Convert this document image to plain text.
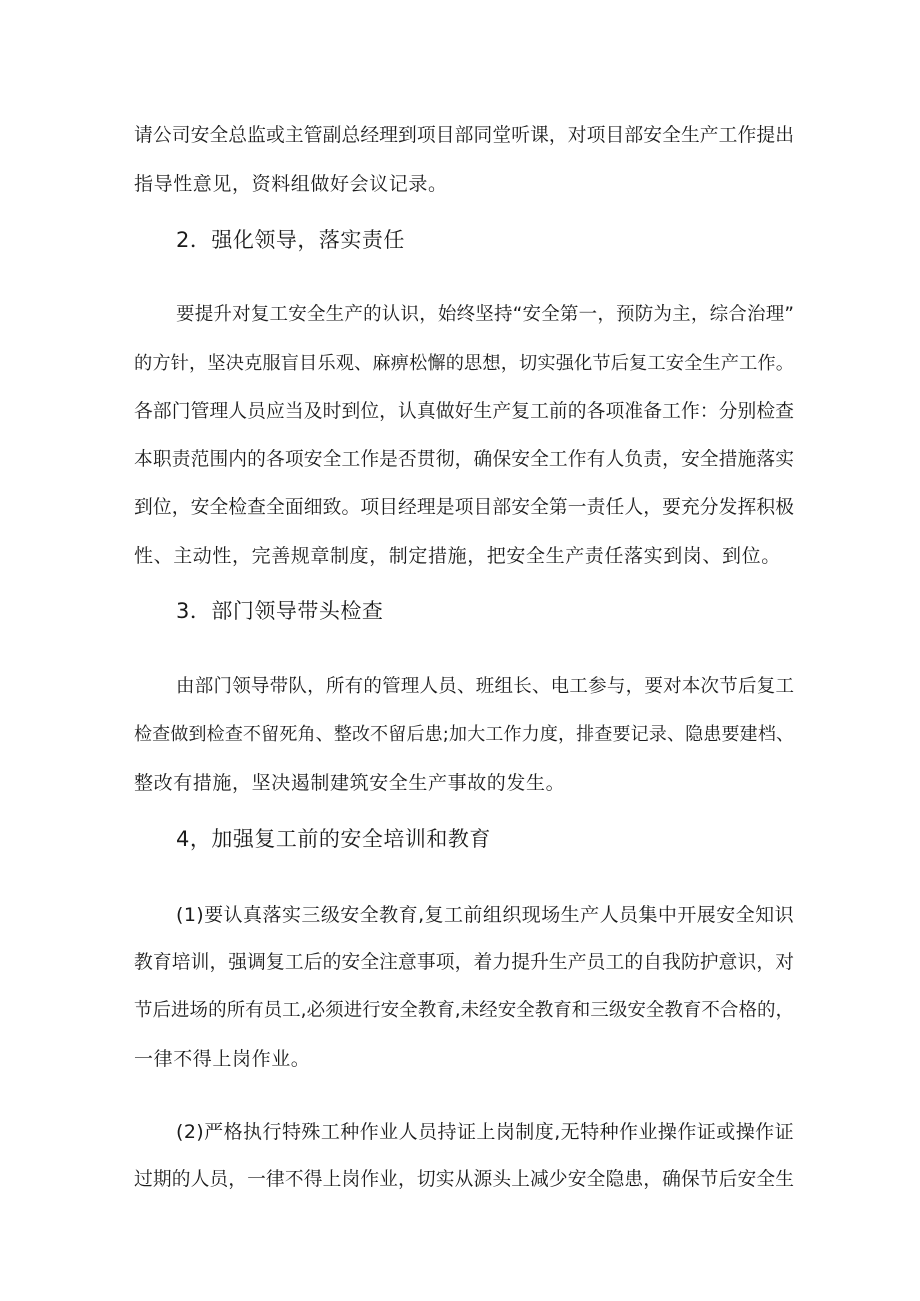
请公司安全总监或主管副总经理到项目部同堂听课，对项目部安全生产工作提出
指导性意见，资料组做好会议记录。
2．强化领导，落实责任
要提升对复工安全生产的认识，始终坚持“安全第一，预防为主，综合治理”
的方针，坚决克服盲目乐观、麻痹松懈的思想，切实强化节后复工安全生产工作。
各部门管理人员应当及时到位，认真做好生产复工前的各项准备工作：分别检查
本职责范围内的各项安全工作是否贯彻，确保安全工作有人负责，安全措施落实
到位，安全检查全面细致。项目经理是项目部安全第一责任人，要充分发挥积极
性、主动性，完善规章制度，制定措施，把安全生产责任落实到岗、到位。
3．部门领导带头检查
由部门领导带队，所有的管理人员、班组长、电工参与，要对本次节后复工
检查做到检查不留死角、整改不留后患;加大工作力度，排查要记录、隐患要建档、
整改有措施，坚决遏制建筑安全生产事故的发生。
4，加强复工前的安全培训和教育
(1)要认真落实三级安全教育,复工前组织现场生产人员集中开展安全知识
教育培训，强调复工后的安全注意事项，着力提升生产员工的自我防护意识，对
节后进场的所有员工,必须进行安全教育,未经安全教育和三级安全教育不合格的，
一律不得上岗作业。
(2)严格执行特殊工种作业人员持证上岗制度,无特种作业操作证或操作证
过期的人员，一律不得上岗作业，切实从源头上减少安全隐患，确保节后安全生
